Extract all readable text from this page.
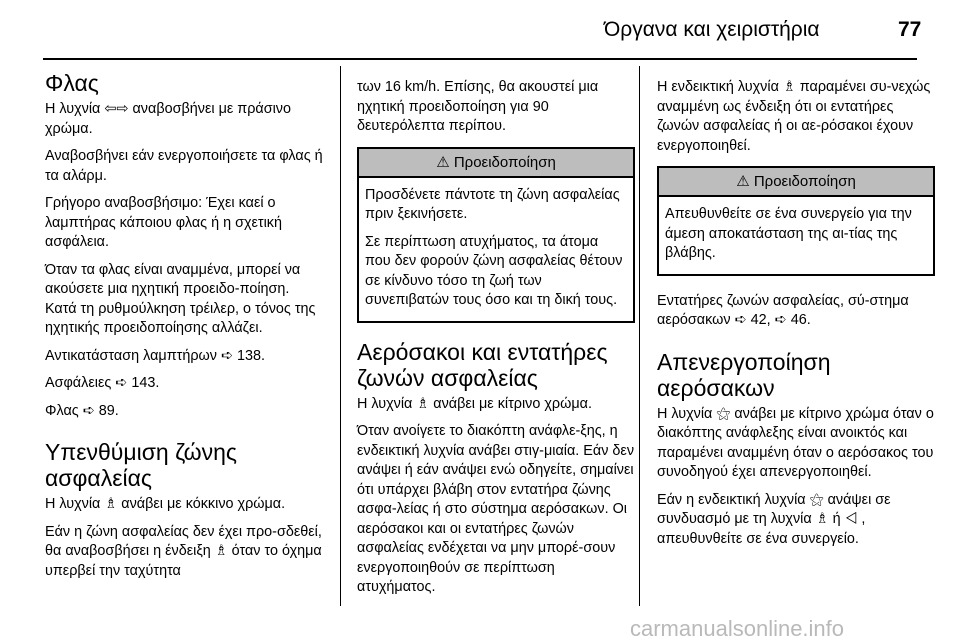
Όργανα και χειριστήρια	77
Φλας

Η λυχνία ⇦⇨ αναβοσβήνει με πράσινο χρώμα.

Αναβοσβήνει εάν ενεργοποιήσετε τα φλας ή τα αλάρμ.

Γρήγορο αναβοσβήσιμο: Έχει καεί ο λαμπτήρας κάποιου φλας ή η σχετική ασφάλεια.

Όταν τα φλας είναι αναμμένα, μπορεί να ακούσετε μια ηχητική προειδο-ποίηση. Κατά τη ρυθμούλκηση τρέιλερ, ο τόνος της ηχητικής προειδοποίησης αλλάζει.

Αντικατάσταση λαμπτήρων ➪ 138.

Ασφάλειες ➪ 143.

Φλας ➪ 89.

Υπενθύμιση ζώνης ασφαλείας

Η λυχνία ♗ ανάβει με κόκκινο χρώμα.

Εάν η ζώνη ασφαλείας δεν έχει προ-σδεθεί, θα αναβοσβήσει η ένδειξη ♗ όταν το όχημα υπερβεί την ταχύτητα

των 16 km/h. Επίσης, θα ακουστεί μια ηχητική προειδοποίηση για 90 δευτερόλεπτα περίπου.

⚠ Προειδοποίηση

Προσδένετε πάντοτε τη ζώνη ασφαλείας πριν ξεκινήσετε.

Σε περίπτωση ατυχήματος, τα άτομα που δεν φορούν ζώνη ασφαλείας θέτουν σε κίνδυνο τόσο τη ζωή των συνεπιβατών τους όσο και τη δική τους.

Αερόσακοι και εντατήρες ζωνών ασφαλείας

Η λυχνία ♗ ανάβει με κίτρινο χρώμα.

Όταν ανοίγετε το διακόπτη ανάφλε-ξης, η ενδεικτική λυχνία ανάβει στιγ-μιαία. Εάν δεν ανάψει ή εάν ανάψει ενώ οδηγείτε, σημαίνει ότι υπάρχει βλάβη στον εντατήρα ζώνης ασφα-λείας ή στο σύστημα αερόσακων. Οι αερόσακοι και οι εντατήρες ζωνών ασφαλείας ενδέχεται να μην μπορέ-σουν ενεργοποιηθούν σε περίπτωση ατυχήματος.

Η ενδεικτική λυχνία ♗ παραμένει συ-νεχώς αναμμένη ως ένδειξη ότι οι εντατήρες ζωνών ασφαλείας ή οι αε-ρόσακοι έχουν ενεργοποιηθεί.

⚠ Προειδοποίηση

Απευθυνθείτε σε ένα συνεργείο για την άμεση αποκατάσταση της αι-τίας της βλάβης.

Εντατήρες ζωνών ασφαλείας, σύ-στημα αερόσακων ➪ 42, ➪ 46.

Απενεργοποίηση αερόσακων

Η λυχνία ⚝ ανάβει με κίτρινο χρώμα όταν ο διακόπτης ανάφλεξης είναι ανοικτός και παραμένει αναμμένη όταν ο αερόσακος του συνοδηγού έχει απενεργοποιηθεί.

Εάν η ενδεικτική λυχνία ⚝ ανάψει σε συνδυασμό με τη λυχνία ♗ ή ◁ , απευθυνθείτε σε ένα συνεργείο.

carmanualsonline.info
